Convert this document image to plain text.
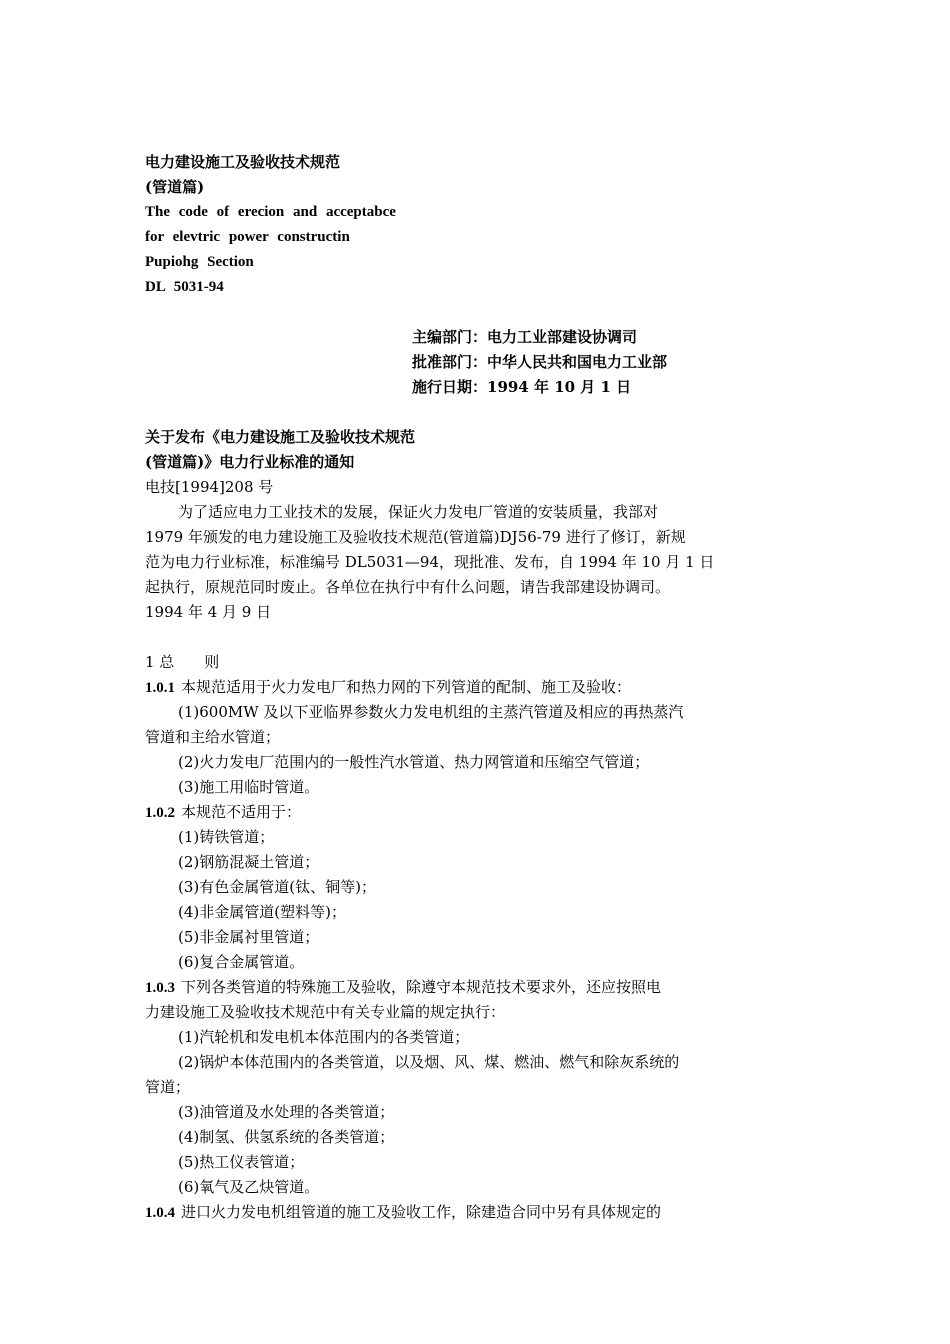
电力建设施工及验收技术规范
(管道篇)
The code of erecion and acceptabce
for elevtric power constructin
Pupiohg Section
DL 5031-94
主编部门：电力工业部建设协调司
批准部门：中华人民共和国电力工业部
施行日期：1994 年 10 月 1 日
关于发布《电力建设施工及验收技术规范
(管道篇)》电力行业标准的通知
电技[1994]208 号
为了适应电力工业技术的发展，保证火力发电厂管道的安装质量，我部对
1979 年颁发的电力建设施工及验收技术规范(管道篇)DJ56-79 进行了修订，新规
范为电力行业标准，标准编号 DL5031—94，现批准、发布，自 1994 年 10 月 1 日
起执行，原规范同时废止。各单位在执行中有什么问题，请告我部建设协调司。
1994 年 4 月 9 日
1 总　　则
1.0.1 本规范适用于火力发电厂和热力网的下列管道的配制、施工及验收：
(1)600MW 及以下亚临界参数火力发电机组的主蒸汽管道及相应的再热蒸汽
管道和主给水管道；
(2)火力发电厂范围内的一般性汽水管道、热力网管道和压缩空气管道；
(3)施工用临时管道。
1.0.2 本规范不适用于：
(1)铸铁管道；
(2)钢筋混凝土管道；
(3)有色金属管道(钛、铜等)；
(4)非金属管道(塑料等)；
(5)非金属衬里管道；
(6)复合金属管道。
1.0.3 下列各类管道的特殊施工及验收，除遵守本规范技术要求外，还应按照电
力建设施工及验收技术规范中有关专业篇的规定执行：
(1)汽轮机和发电机本体范围内的各类管道；
(2)锅炉本体范围内的各类管道，以及烟、风、煤、燃油、燃气和除灰系统的
管道；
(3)油管道及水处理的各类管道；
(4)制氢、供氢系统的各类管道；
(5)热工仪表管道；
(6)氧气及乙炔管道。
1.0.4 进口火力发电机组管道的施工及验收工作，除建造合同中另有具体规定的
